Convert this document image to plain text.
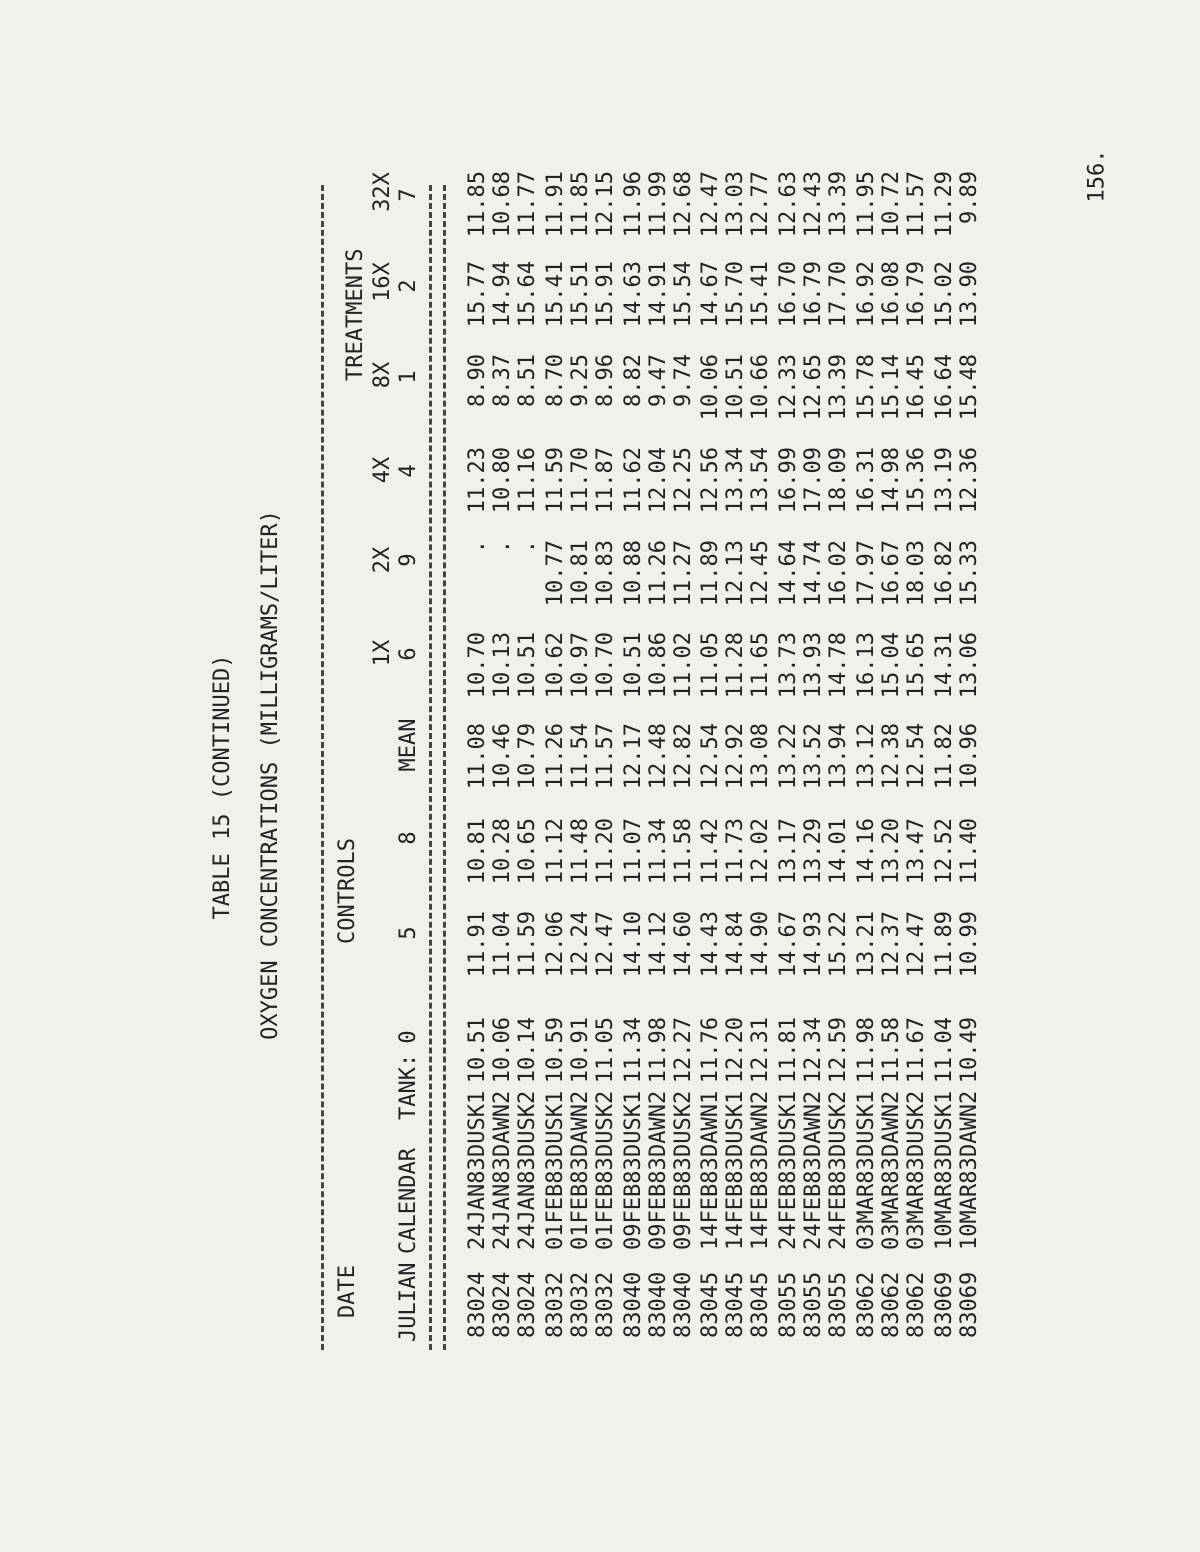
156.
TABLE 15 (CONTINUED) OXYGEN CONCENTRATIONS (MILLIGRAMS/LITER)
DATE
CONTROLS
TREATMENTS
JULIAN
CALENDAR
TANK:
0
5
8
MEAN
6
9
4
1
2
7
1X
2X
4X
8X
16X
32X
83024
24JAN83
DUSK1
10.51
11.91
10.81
11.08
10.70
.
11.23
8.90
15.77
11.85
83024
24JAN83
DAWN2
10.06
11.04
10.28
10.46
10.13
.
10.80
8.37
14.94
10.68
83024
24JAN83
DUSK2
10.14
11.59
10.65
10.79
10.51
.
11.16
8.51
15.64
11.77
83032
01FEB83
DUSK1
10.59
12.06
11.12
11.26
10.62
10.77
11.59
8.70
15.41
11.91
83032
01FEB83
DAWN2
10.91
12.24
11.48
11.54
10.97
10.81
11.70
9.25
15.51
11.85
83032
01FEB83
DUSK2
11.05
12.47
11.20
11.57
10.70
10.83
11.87
8.96
15.91
12.15
83040
09FEB83
DUSK1
11.34
14.10
11.07
12.17
10.51
10.88
11.62
8.82
14.63
11.96
83040
09FEB83
DAWN2
11.98
14.12
11.34
12.48
10.86
11.26
12.04
9.47
14.91
11.99
83040
09FEB83
DUSK2
12.27
14.60
11.58
12.82
11.02
11.27
12.25
9.74
15.54
12.68
83045
14FEB83
DAWN1
11.76
14.43
11.42
12.54
11.05
11.89
12.56
10.06
14.67
12.47
83045
14FEB83
DUSK1
12.20
14.84
11.73
12.92
11.28
12.13
13.34
10.51
15.70
13.03
83045
14FEB83
DAWN2
12.31
14.90
12.02
13.08
11.65
12.45
13.54
10.66
15.41
12.77
83055
24FEB83
DUSK1
11.81
14.67
13.17
13.22
13.73
14.64
16.99
12.33
16.70
12.63
83055
24FEB83
DAWN2
12.34
14.93
13.29
13.52
13.93
14.74
17.09
12.65
16.79
12.43
83055
24FEB83
DUSK2
12.59
15.22
14.01
13.94
14.78
16.02
18.09
13.39
17.70
13.39
83062
03MAR83
DUSK1
11.98
13.21
14.16
13.12
16.13
17.97
16.31
15.78
16.92
11.95
83062
03MAR83
DAWN2
11.58
12.37
13.20
12.38
15.04
16.67
14.98
15.14
16.08
10.72
83062
03MAR83
DUSK2
11.67
12.47
13.47
12.54
15.65
18.03
15.36
16.45
16.79
11.57
83069
10MAR83
DUSK1
11.04
11.89
12.52
11.82
14.31
16.82
13.19
16.64
15.02
11.29
83069
10MAR83
DAWN2
10.49
10.99
11.40
10.96
13.06
15.33
12.36
15.48
13.90
9.89
